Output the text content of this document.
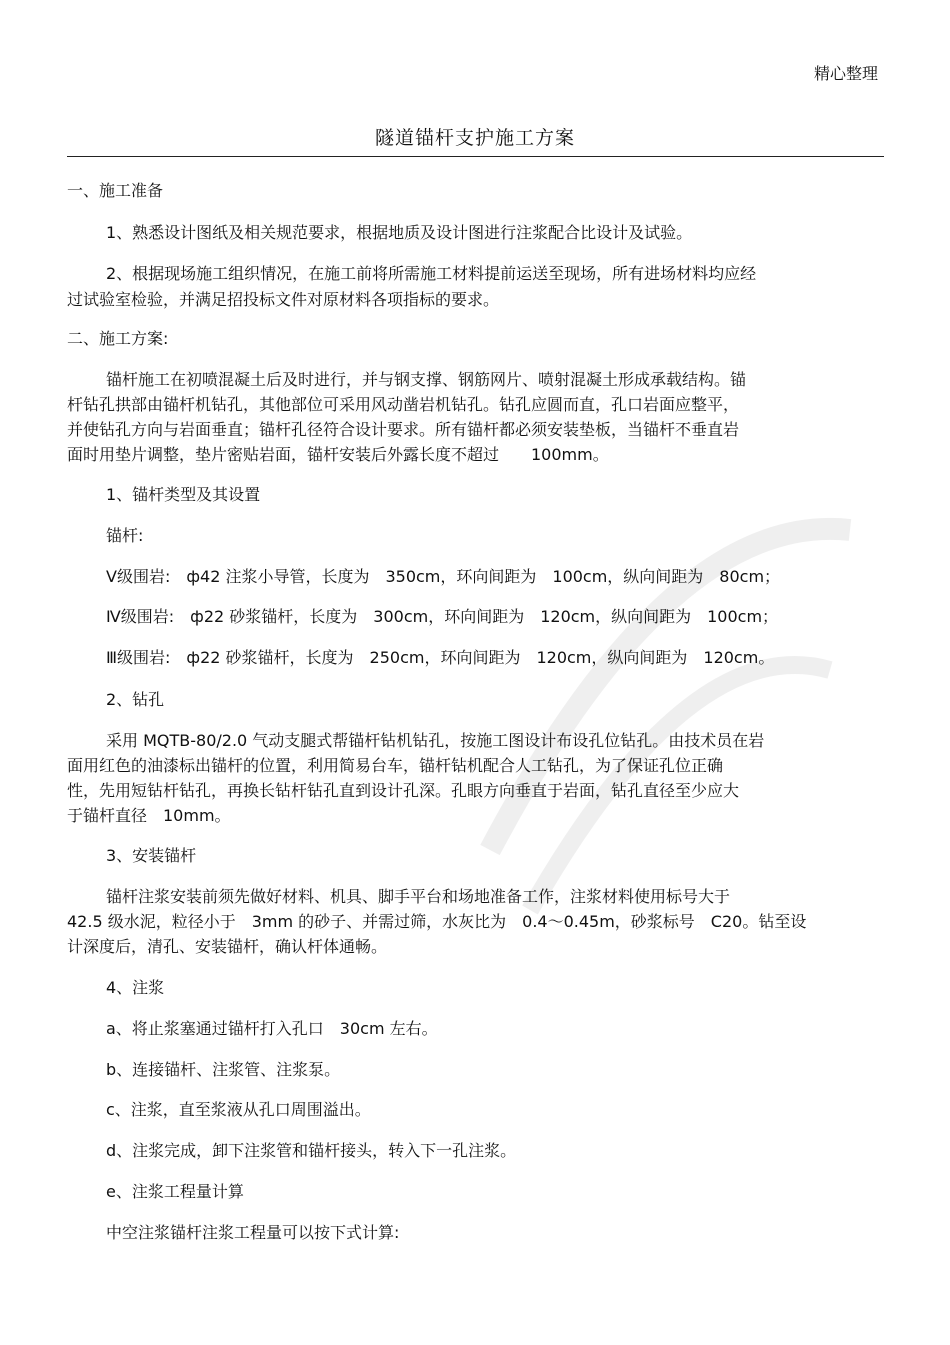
精心整理
隧道锚杆支护施工方案
一、施工准备
1、熟悉设计图纸及相关规范要求，根据地质及设计图进行注浆配合比设计及试验。
2、根据现场施工组织情况，在施工前将所需施工材料提前运送至现场，所有进场材料均应经
过试验室检验，并满足招投标文件对原材料各项指标的要求。
二、施工方案:
锚杆施工在初喷混凝土后及时进行，并与钢支撑、钢筋网片、喷射混凝土形成承载结构。锚
杆钻孔拱部由锚杆机钻孔，其他部位可采用风动凿岩机钻孔。钻孔应圆而直，孔口岩面应整平，
并使钻孔方向与岩面垂直；锚杆孔径符合设计要求。所有锚杆都必须安装垫板，当锚杆不垂直岩
面时用垫片调整，垫片密贴岩面，锚杆安装后外露长度不超过　　100mm。
1、锚杆类型及其设置
锚杆:
Ⅴ级围岩:　ф42 注浆小导管，长度为　350cm，环向间距为　100cm，纵向间距为　80cm；
Ⅳ级围岩:　ф22 砂浆锚杆，长度为　300cm，环向间距为　120cm，纵向间距为　100cm；
Ⅲ级围岩:　ф22 砂浆锚杆，长度为　250cm，环向间距为　120cm，纵向间距为　120cm。
2、钻孔
采用 MQTB-80/2.0 气动支腿式帮锚杆钻机钻孔，按施工图设计布设孔位钻孔。由技术员在岩
面用红色的油漆标出锚杆的位置，利用简易台车，锚杆钻机配合人工钻孔，为了保证孔位正确
性，先用短钻杆钻孔，再换长钻杆钻孔直到设计孔深。孔眼方向垂直于岩面，钻孔直径至少应大
于锚杆直径　10mm。
3、安装锚杆
锚杆注浆安装前须先做好材料、机具、脚手平台和场地准备工作，注浆材料使用标号大于
42.5 级水泥，粒径小于　3mm 的砂子、并需过筛，水灰比为　0.4～0.45m，砂浆标号　C20。钻至设
计深度后，清孔、安装锚杆，确认杆体通畅。
4、注浆
a、将止浆塞通过锚杆打入孔口　30cm 左右。
b、连接锚杆、注浆管、注浆泵。
c、注浆，直至浆液从孔口周围溢出。
d、注浆完成，卸下注浆管和锚杆接头，转入下一孔注浆。
e、注浆工程量计算
中空注浆锚杆注浆工程量可以按下式计算:
